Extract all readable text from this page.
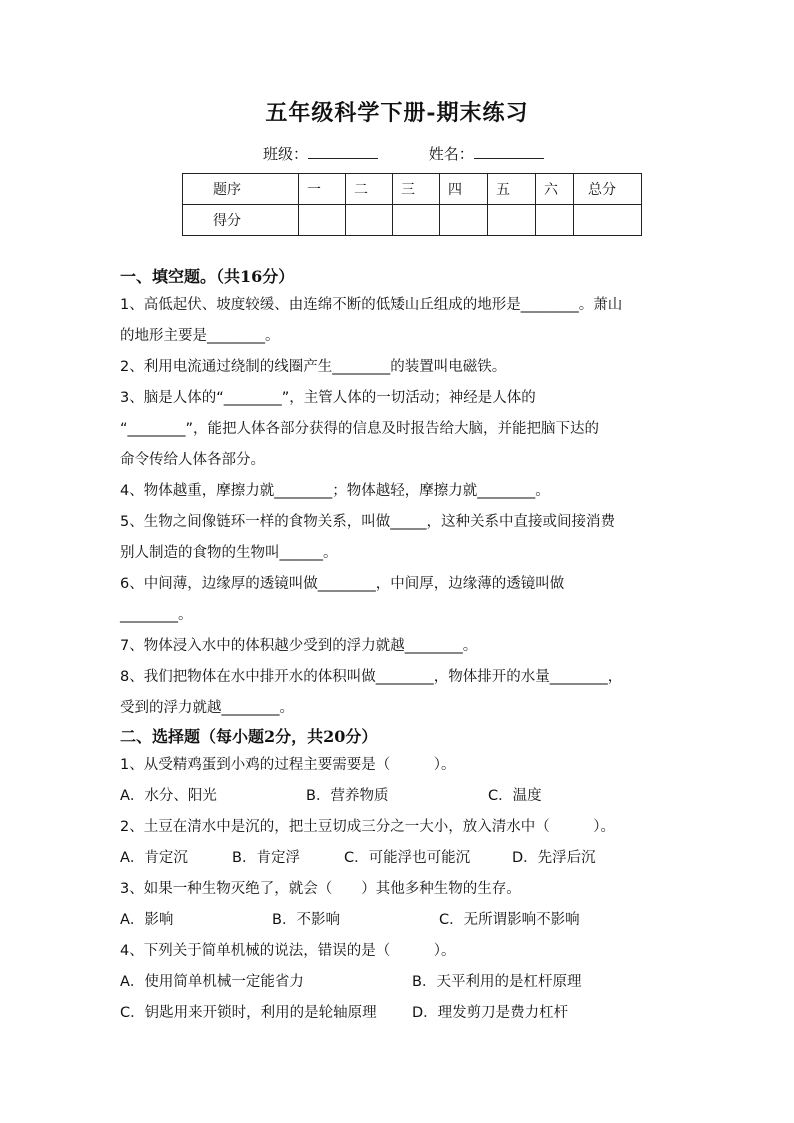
五年级科学下册-期末练习
班级：	姓名：
题序	一	二	三	四	五	六	总分
得分							
一、填空题。（共16分）
1、高低起伏、坡度较缓、由连绵不断的低矮山丘组成的地形是________。萧山
的地形主要是________。
2、利用电流通过绕制的线圈产生________的装置叫电磁铁。
3、脑是人体的“________”，主管人体的一切活动；神经是人体的
“________”，能把人体各部分获得的信息及时报告给大脑，并能把脑下达的
命令传给人体各部分。
4、物体越重，摩擦力就________；物体越轻，摩擦力就________。
5、生物之间像链环一样的食物关系，叫做_____，这种关系中直接或间接消费
别人制造的食物的生物叫______。
6、中间薄，边缘厚的透镜叫做________，中间厚，边缘薄的透镜叫做
________。
7、物体浸入水中的体积越少受到的浮力就越________。
8、我们把物体在水中排开水的体积叫做________，物体排开的水量________，
受到的浮力就越________。
二、选择题（每小题2分，共20分）
1、从受精鸡蛋到小鸡的过程主要需要是（　　　）。
A．水分、阳光	B．营养物质	C．温度
2、土豆在清水中是沉的，把土豆切成三分之一大小，放入清水中（　　　）。
A．肯定沉	B．肯定浮	C．可能浮也可能沉	D．先浮后沉
3、如果一种生物灭绝了，就会（　　）其他多种生物的生存。
A．影响	B．不影响	C．无所谓影响不影响
4、下列关于简单机械的说法，错误的是（　　　）。
A．使用简单机械一定能省力	B．天平利用的是杠杆原理
C．钥匙用来开锁时，利用的是轮轴原理	D．理发剪刀是费力杠杆
